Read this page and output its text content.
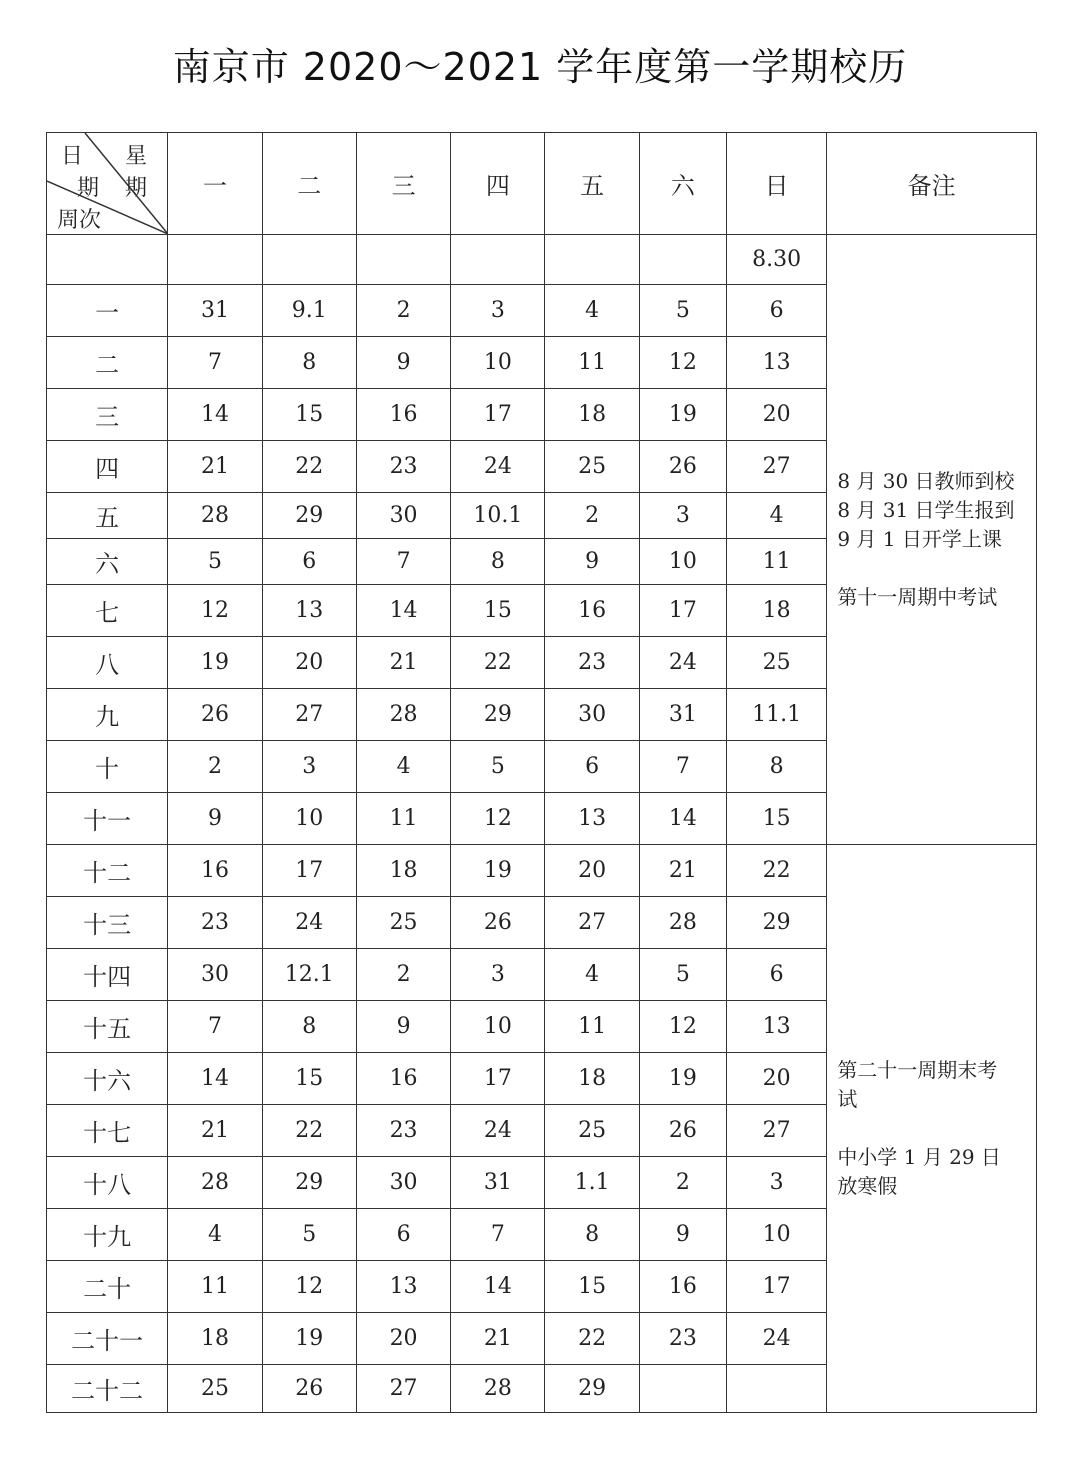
南京市 2020～2021 学年度第一学期校历
日 星
期 期
周次	一	二	三	四	五	六	日	备注
							8.30	8 月 30 日教师到校
8 月 31 日学生报到
9 月 1 日开学上课
第十一周期中考试

一	31	9.1	2	3	4	5	6	
二	7	8	9	10	11	12	13	
三	14	15	16	17	18	19	20	
四	21	22	23	24	25	26	27	
五	28	29	30	10.1	2	3	4	
六	5	6	7	8	9	10	11	
七	12	13	14	15	16	17	18	
八	19	20	21	22	23	24	25	
九	26	27	28	29	30	31	11.1	
十	2	3	4	5	6	7	8	
十一	9	10	11	12	13	14	15	
十二	16	17	18	19	20	21	22	第二十一周期末考
试
中小学 1 月 29 日
放寒假

十三	23	24	25	26	27	28	29	
十四	30	12.1	2	3	4	5	6	
十五	7	8	9	10	11	12	13	
十六	14	15	16	17	18	19	20	
十七	21	22	23	24	25	26	27	
十八	28	29	30	31	1.1	2	3	
十九	4	5	6	7	8	9	10	
二十	11	12	13	14	15	16	17	
二十一	18	19	20	21	22	23	24	
二十二	25	26	27	28	29			
